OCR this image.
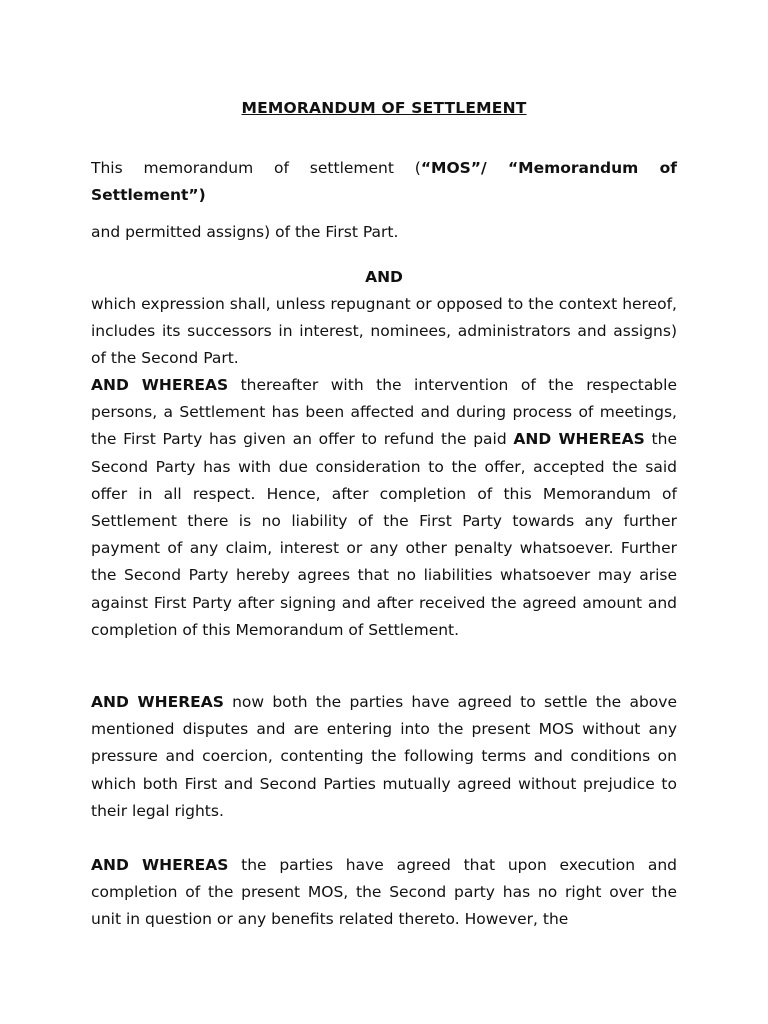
MEMORANDUM OF SETTLEMENT

This memorandum of settlement (“MOS”/ “Memorandum of Settlement”)

and permitted assigns) of the First Part.

AND

which expression shall, unless repugnant or opposed to the context hereof, includes its successors in interest, nominees, administrators and assigns) of the Second Part.

AND WHEREAS thereafter with the intervention of the respectable persons, a Settlement has been affected and during process of meetings, the First Party has given an offer to refund the paid AND WHEREAS the Second Party has with due consideration to the offer, accepted the said offer in all respect. Hence, after completion of this Memorandum of Settlement there is no liability of the First Party towards any further payment of any claim, interest or any other penalty whatsoever. Further the Second Party hereby agrees that no liabilities whatsoever may arise against First Party after signing and after received the agreed amount and completion of this Memorandum of Settlement.

AND WHEREAS now both the parties have agreed to settle the above mentioned disputes and are entering into the present MOS without any pressure and coercion, contenting the following terms and conditions on which both First and Second Parties mutually agreed without prejudice to their legal rights.

AND WHEREAS the parties have agreed that upon execution and completion of the present MOS, the Second party has no right over the unit in question or any benefits related thereto. However, the
